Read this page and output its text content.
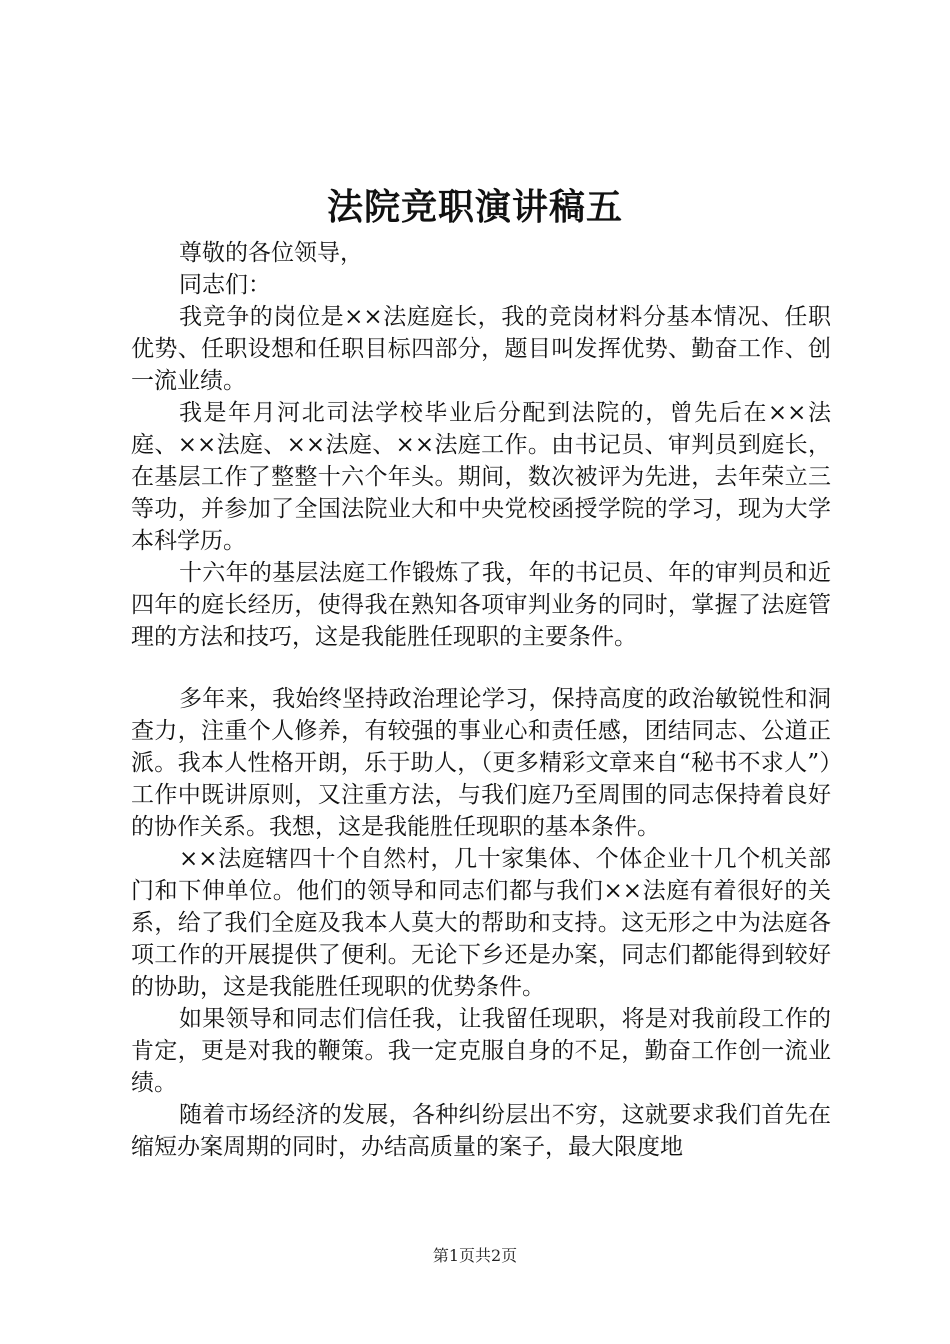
法院竞职演讲稿五

尊敬的各位领导，

同志们：

我竞争的岗位是××法庭庭长，我的竞岗材料分基本情况、任职优势、任职设想和任职目标四部分，题目叫发挥优势、勤奋工作、创一流业绩。

我是年月河北司法学校毕业后分配到法院的，曾先后在××法庭、××法庭、××法庭、××法庭工作。由书记员、审判员到庭长，在基层工作了整整十六个年头。期间，数次被评为先进，去年荣立三等功，并参加了全国法院业大和中央党校函授学院的学习，现为大学本科学历。

十六年的基层法庭工作锻炼了我，年的书记员、年的审判员和近四年的庭长经历，使得我在熟知各项审判业务的同时，掌握了法庭管理的方法和技巧，这是我能胜任现职的主要条件。

多年来，我始终坚持政治理论学习，保持高度的政治敏锐性和洞查力，注重个人修养，有较强的事业心和责任感，团结同志、公道正派。我本人性格开朗，乐于助人，（更多精彩文章来自“秘书不求人”）工作中既讲原则，又注重方法，与我们庭乃至周围的同志保持着良好的协作关系。我想，这是我能胜任现职的基本条件。

××法庭辖四十个自然村，几十家集体、个体企业十几个机关部门和下伸单位。他们的领导和同志们都与我们××法庭有着很好的关系，给了我们全庭及我本人莫大的帮助和支持。这无形之中为法庭各项工作的开展提供了便利。无论下乡还是办案，同志们都能得到较好的协助，这是我能胜任现职的优势条件。

如果领导和同志们信任我，让我留任现职，将是对我前段工作的肯定，更是对我的鞭策。我一定克服自身的不足，勤奋工作创一流业绩。

随着市场经济的发展，各种纠纷层出不穷，这就要求我们首先在缩短办案周期的同时，办结高质量的案子，最大限度地

第1页共2页
